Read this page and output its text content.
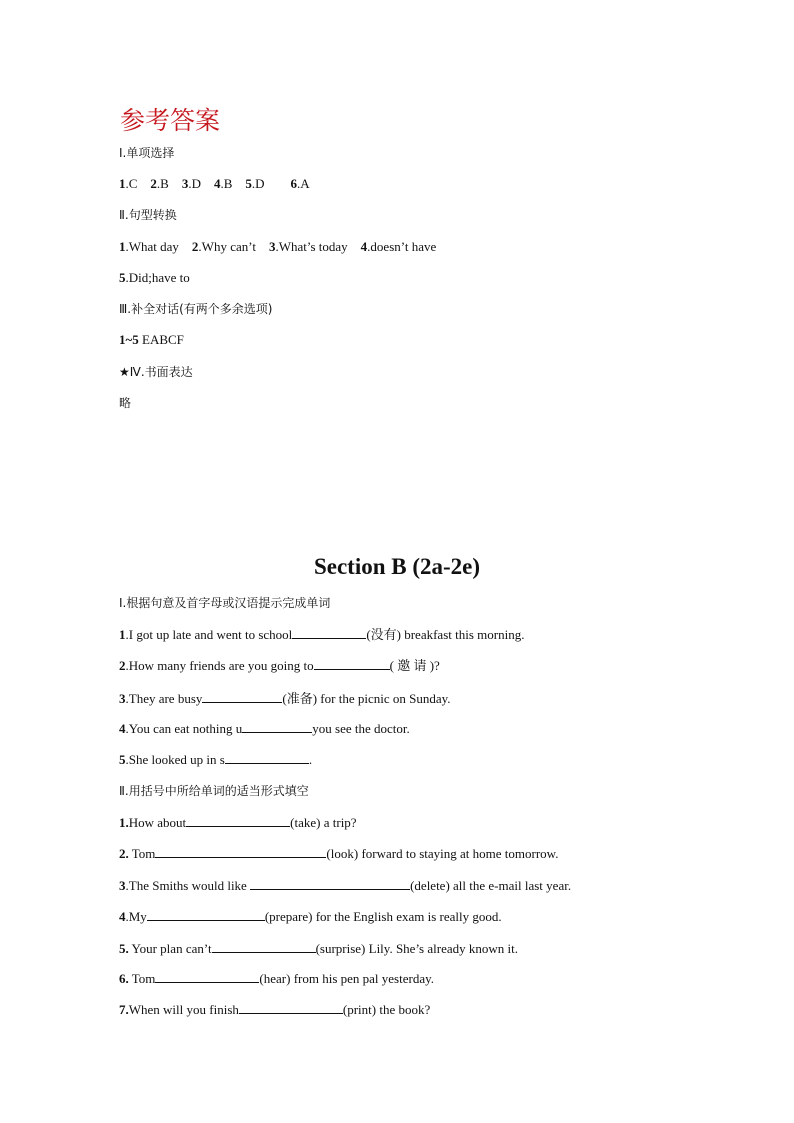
参考答案
Ⅰ.单项选择
1.C 2.B 3.D 4.B 5.D 6.A
Ⅱ.句型转换
1.What day 2.Why can’t 3.What’s today 4.doesn’t have
5.Did;have to
Ⅲ.补全对话(有两个多余选项)
1~5 EABCF
★Ⅳ.书面表达
略
Section B (2a-2e)
Ⅰ.根据句意及首字母或汉语提示完成单词
1.I got up late and went to school	(没有) breakfast this morning.
2.How many friends are you going to	( 邀 请 )?
3.They are busy	(准备) for the picnic on Sunday.
4.You can eat nothing u	you see the doctor.
5.She looked up in s	.
Ⅱ.用括号中所给单词的适当形式填空
1.How about	(take) a trip?
2. Tom	(look) forward to staying at home tomorrow.
3.The Smiths would like	(delete) all the e-mail last year.
4.My	(prepare) for the English exam is really good.
5. Your plan can’t	(surprise) Lily. She’s already known it.
6. Tom	(hear) from his pen pal yesterday.
7.When will you finish	(print) the book?
